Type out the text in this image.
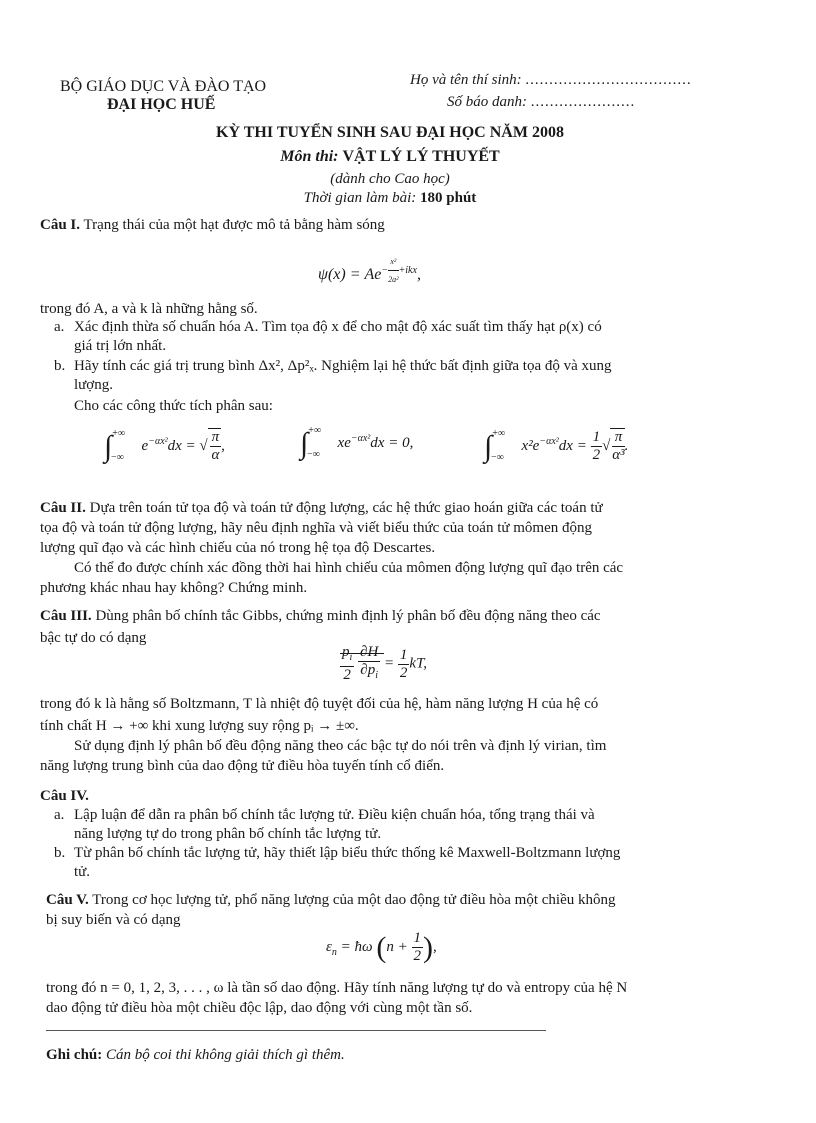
BỘ GIÁO DỤC VÀ ĐÀO TẠO
ĐẠI HỌC HUẾ
Họ và tên thí sinh: ...................................
Số báo danh: ......................
KỲ THI TUYỂN SINH SAU ĐẠI HỌC NĂM 2008
Môn thi: VẬT LÝ LÝ THUYẾT
(dành cho Cao học)
Thời gian làm bài: 180 phút
Câu I. Trạng thái của một hạt được mô tả bằng hàm sóng
$\psi(x) = Ae^{- \frac{\text{x²}}{\text{2a²}} +ikx}$,
trong đó A, a và k là những hằng số.
a. Xác định thừa số chuẩn hóa A. Tìm tọa độ x để cho mật độ xác suất tìm thấy hạt ρ(x) có
giá trị lớn nhất.
b. Hãy tính các giá trị trung bình Δx², Δp²ₓ. Nghiệm lại hệ thức bất định giữa tọa độ và xung
lượng.
Cho các công thức tích phân sau:
$\int^{+\infty}_{-\infty}$ $e^{-\alpha x^2}dx$ = √ $\frac{\pi}{\alpha}$ ,	$\int^{+\infty}_{-\infty}$ $xe^{-\alpha x^2}dx = 0$, $\int^{+\infty}_{-\infty}$ $x^2e^{-\alpha x^2}dx = \frac{1}{2}$ √ $\frac{\pi}{\text{α³}}$ .
Câu II. Dựa trên toán tử tọa độ và toán tử động lượng, các hệ thức giao hoán giữa các toán tử
tọa độ và toán tử động lượng, hãy nêu định nghĩa và viết biểu thức của toán tử mômen động
lượng quĩ đạo và các hình chiếu của nó trong hệ tọa độ Descartes.
Có thể đo được chính xác đồng thời hai hình chiếu của mômen động lượng quĩ đạo trên các
phương khác nhau hay không? Chứng minh.
Câu III. Dùng phân bố chính tắc Gibbs, chứng minh định lý phân bố đều động năng theo các
bậc tự do có dạng
$\frac{p_i}{2}$
$\frac{\partial H}{\partial p_i} = \frac{1}{2}$ kT,
trong đó k là hằng số Boltzmann, T là nhiệt độ tuyệt đối của hệ, hàm năng lượng H của hệ có
tính chất H → +∞ khi xung lượng suy rộng pᵢ → ±∞.
Sử dụng định lý phân bố đều động năng theo các bậc tự do nói trên và định lý virian, tìm
năng lượng trung bình của dao động tử điều hòa tuyến tính cổ điển.
Câu IV.
a. Lập luận để dẫn ra phân bố chính tắc lượng tử. Điều kiện chuẩn hóa, tổng trạng thái và
năng lượng tự do trong phân bố chính tắc lượng tử.
b. Từ phân bố chính tắc lượng tử, hãy thiết lập biểu thức thống kê Maxwell-Boltzmann lượng
tử.
Câu V. Trong cơ học lượng tử, phổ năng lượng của một dao động tử điều hòa một chiều không
bị suy biến và có dạng
$\varepsilon_n$ = ħω ($n + \frac{1}{2}$ ),
trong đó n = 0, 1, 2, 3, . . . , ω là tần số dao động. Hãy tính năng lượng tự do và entropy của hệ N
dao động tử điều hòa một chiều độc lập, dao động với cùng một tần số.
Ghi chú: Cán bộ coi thi không giải thích gì thêm.
